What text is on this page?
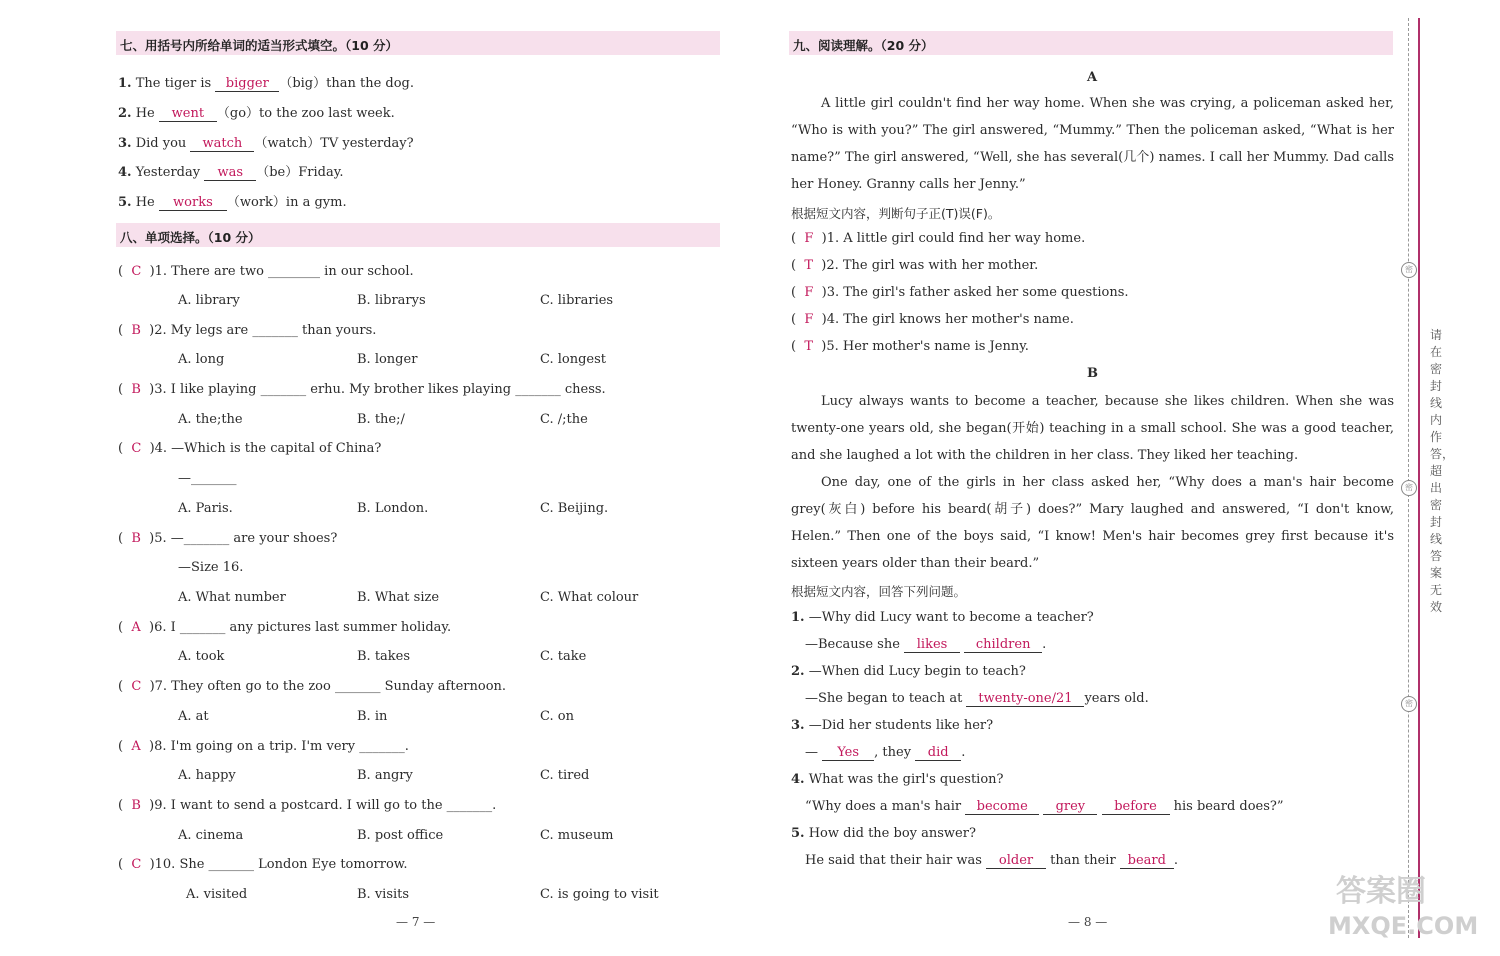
七、用括号内所给单词的适当形式填空。（10 分）
1. The tiger is bigger （big）than the dog.
2. He went （go）to the zoo last week.
3. Did you watch （watch）TV yesterday?
4. Yesterday was （be）Friday.
5. He works （work）in a gym.
八、单项选择。（10 分）
(  C )1. There are two ________ in our school.
A. library	B. librarys	C. libraries
(  B )2. My legs are _______ than yours.
A. long	B. longer	C. longest
(  B )3. I like playing _______ erhu. My brother likes playing _______ chess.
A. the;the	B. the;/	C. /;the
(  C )4. —Which is the capital of China?
—_______
A. Paris.	B. London.	C. Beijing.
(  B )5. —_______ are your shoes?
—Size 16.
A. What number	B. What size	C. What colour
(  A )6. I _______ any pictures last summer holiday.
A. took	B. takes	C. take
(  C )7. They often go to the zoo _______ Sunday afternoon.
A. at	B. in	C. on
(  A )8. I'm going on a trip. I'm very _______.
A. happy	B. angry	C. tired
(  B )9. I want to send a postcard. I will go to the _______.
A. cinema	B. post office	C. museum
(  C )10. She _______ London Eye tomorrow.
A. visited	B. visits	C. is going to visit
— 7 —
九、阅读理解。（20 分）
A

A little girl couldn't find her way home. When she was crying, a policeman asked her, “Who is with you?” The girl answered, “Mummy.” Then the policeman asked, “What is her name?” The girl answered, “Well, she has several(几个) names. I call her Mummy. Dad calls her Honey. Granny calls her Jenny.”

根据短文内容，判断句子正(T)误(F)。
(  F )1. A little girl could find her way home.
(  T )2. The girl was with her mother.
(  F )3. The girl's father asked her some questions.
(  F )4. The girl knows her mother's name.
(  T )5. Her mother's name is Jenny.
B

Lucy always wants to become a teacher, because she likes children. When she was twenty-one years old, she began(开始) teaching in a small school. She was a good teacher, and she laughed a lot with the children in her class. They liked her teaching.

One day, one of the girls in her class asked her, “Why does a man's hair become grey(灰白) before his beard(胡子) does?” Mary laughed and answered, “I don't know, Helen.” Then one of the boys said, “I know! Men's hair becomes grey first because it's sixteen years older than their beard.”

根据短文内容，回答下列问题。
1. —Why did Lucy want to become a teacher?
—Because she likes children .
2. —When did Lucy begin to teach?
—She began to teach at twenty-one/21 years old.
3. —Did her students like her?
— Yes , they did .
4. What was the girl's question?
“Why does a man's hair become grey before his beard does?”
5. How did the boy answer?
He said that their hair was older than their beard .
— 8 —
密
密
密
请在密封线内作答，超出密封线答案无效
答案圈
MXQE.COM
